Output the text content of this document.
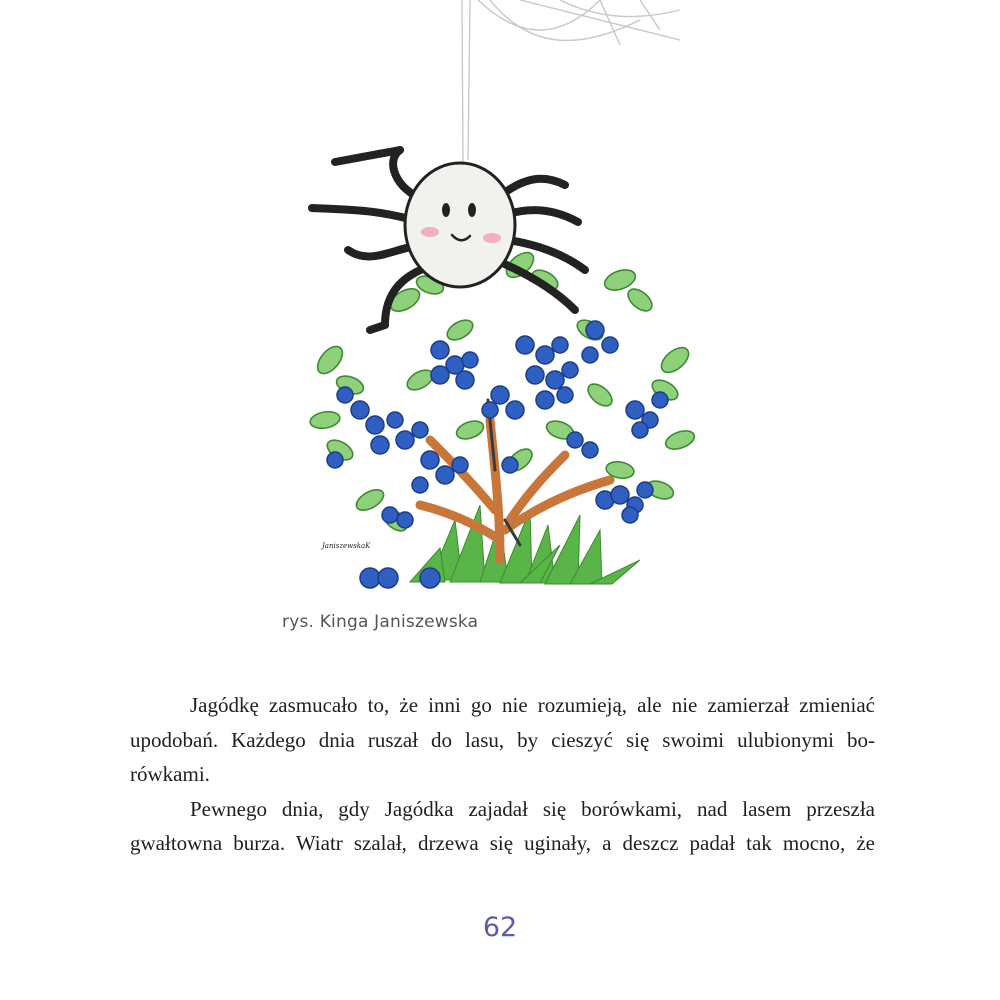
JaniszewskaK
rys. Kinga Janiszewska
Jagódkę zasmucało to, że inni go nie rozumieją, ale nie zamierzał zmieniać
upodobań. Każdego dnia ruszał do lasu, by cieszyć się swoimi ulubionymi bo-
rówkami.
Pewnego dnia, gdy Jagódka zajadał się borówkami, nad lasem przeszła
gwałtowna burza. Wiatr szalał, drzewa się uginały, a deszcz padał tak mocno, że
62
